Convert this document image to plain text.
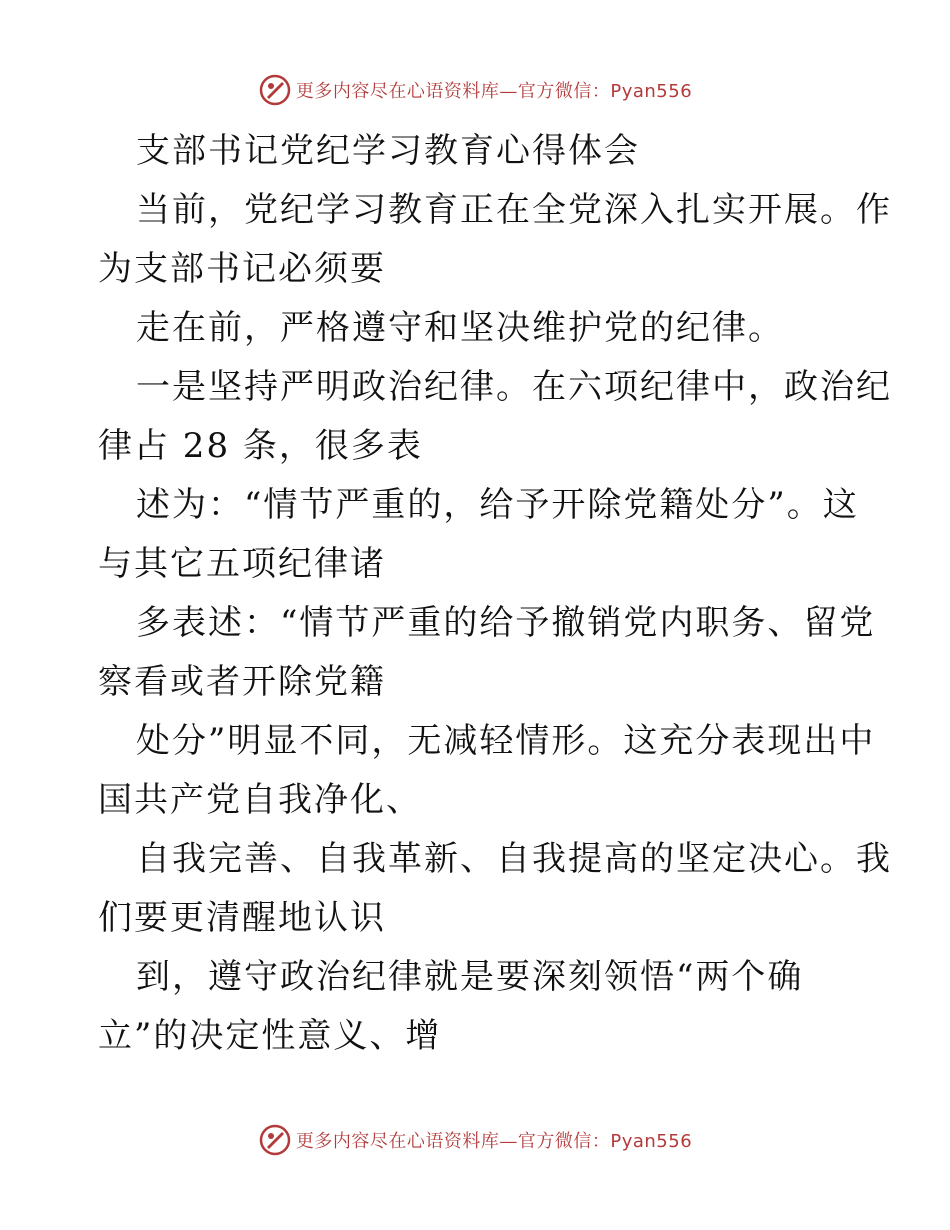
更多内容尽在心语资料库—官方微信：Pyan556
支部书记党纪学习教育心得体会
当前，党纪学习教育正在全党深入扎实开展。作
为支部书记必须要
走在前，严格遵守和坚决维护党的纪律。
一是坚持严明政治纪律。在六项纪律中，政治纪
律占 28 条，很多表
述为：“情节严重的，给予开除党籍处分”。这
与其它五项纪律诸
多表述：“情节严重的给予撤销党内职务、留党
察看或者开除党籍
处分”明显不同，无减轻情形。这充分表现出中
国共产党自我净化、
自我完善、自我革新、自我提高的坚定决心。我
们要更清醒地认识
到，遵守政治纪律就是要深刻领悟“两个确
立”的决定性意义、增
更多内容尽在心语资料库—官方微信：Pyan556
